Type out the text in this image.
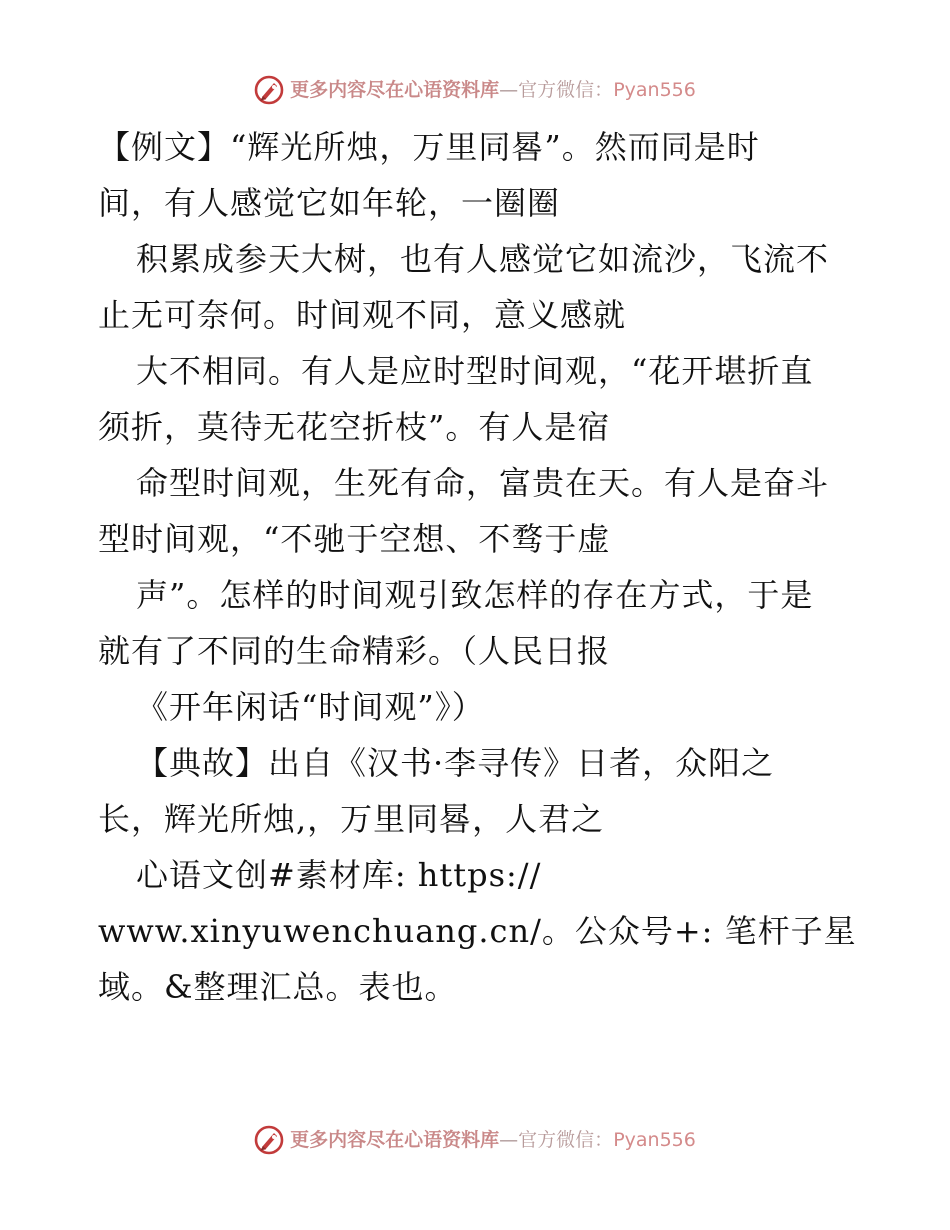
更多内容尽在心语资料库—官方微信：Pyan556
【例文】“辉光所烛，万里同晷”。然而同是时
间，有人感觉它如年轮，一圈圈
积累成参天大树，也有人感觉它如流沙，飞流不
止无可奈何。时间观不同，意义感就
大不相同。有人是应时型时间观，“花开堪折直
须折，莫待无花空折枝”。有人是宿
命型时间观，生死有命，富贵在天。有人是奋斗
型时间观，“不驰于空想、不骛于虚
声”。怎样的时间观引致怎样的存在方式，于是
就有了不同的生命精彩。（人民日报
《开年闲话“时间观”》）
【典故】出自《汉书·李寻传》日者，众阳之
长，辉光所烛,，万里同晷，人君之
心语文创#素材库: https://
www.xinyuwenchuang.cn/。公众号+: 笔杆子星
域。&整理汇总。表也。
更多内容尽在心语资料库—官方微信：Pyan556
